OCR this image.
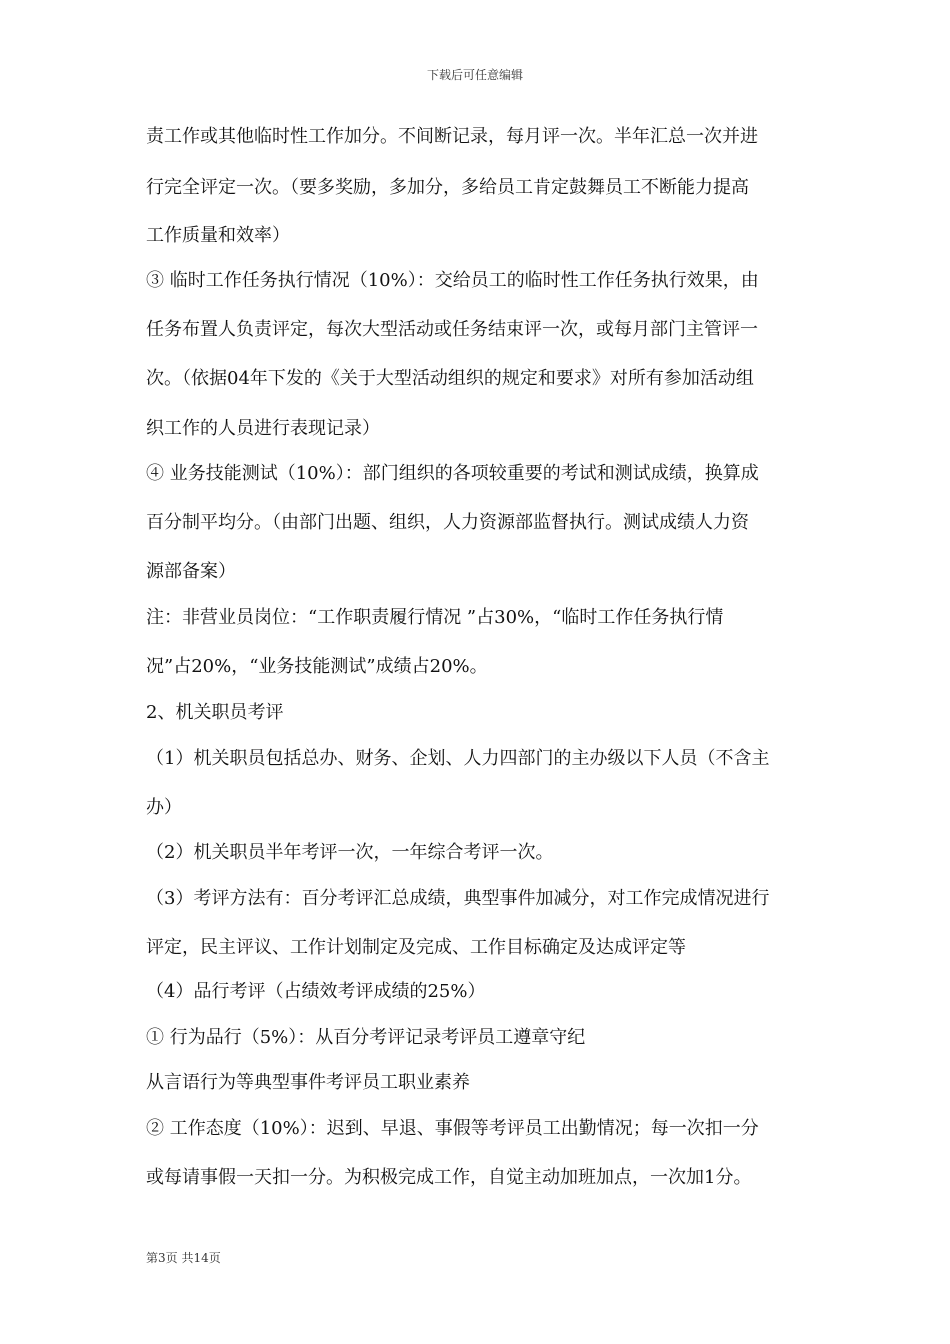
下载后可任意编辑
责工作或其他临时性工作加分。不间断记录，每月评一次。半年汇总一次并进
行完全评定一次。（要多奖励，多加分，多给员工肯定鼓舞员工不断能力提高
工作质量和效率）
③ 临时工作任务执行情况（10%）：交给员工的临时性工作任务执行效果，由
任务布置人负责评定，每次大型活动或任务结束评一次，或每月部门主管评一
次。（依据04年下发的《关于大型活动组织的规定和要求》对所有参加活动组
织工作的人员进行表现记录）
④ 业务技能测试（10%）：部门组织的各项较重要的考试和测试成绩，换算成
百分制平均分。（由部门出题、组织，人力资源部监督执行。测试成绩人力资
源部备案）
注：非营业员岗位：“工作职责履行情况 ”占30%，“临时工作任务执行情
况”占20%，“业务技能测试”成绩占20%。
2、机关职员考评
（1）机关职员包括总办、财务、企划、人力四部门的主办级以下人员（不含主
办）
（2）机关职员半年考评一次，一年综合考评一次。
（3）考评方法有：百分考评汇总成绩，典型事件加减分，对工作完成情况进行
评定，民主评议、工作计划制定及完成、工作目标确定及达成评定等
（4）品行考评（占绩效考评成绩的25%）
① 行为品行（5%）：从百分考评记录考评员工遵章守纪
从言语行为等典型事件考评员工职业素养
② 工作态度（10%）：迟到、早退、事假等考评员工出勤情况；每一次扣一分
或每请事假一天扣一分。为积极完成工作，自觉主动加班加点，一次加1分。
第3页 共14页
